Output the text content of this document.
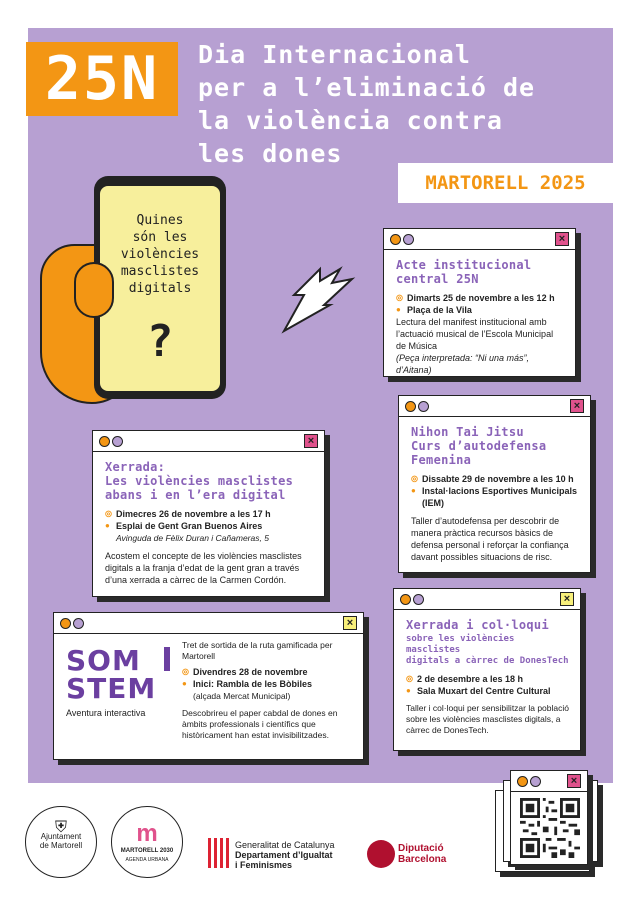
25N	Dia Internacional
per a l’eliminació de
la violència contra
les dones
MARTORELL 2025
Quines
són les
violències
masclistes
digitals
?
×
Acte institucional
central 25N
◎ Dimarts 25 de novembre a les 12 h
● Plaça de la Vila
Lectura del manifest institucional amb l’actuació musical de l’Escola Municipal de Música
(Peça interpretada: “Ni una más”, d’Aitana)
×
Nihon Tai Jitsu
Curs d’autodefensa
Femenina
◎ Dissabte 29 de novembre a les 10 h
● Instal·lacions Esportives Municipals (IEM)
Taller d’autodefensa per descobrir de manera pràctica recursos bàsics de defensa personal i reforçar la confiança davant possibles situacions de risc.
×
Xerrada:
Les violències masclistes
abans i en l’era digital
◎ Dimecres 26 de novembre a les 17 h
● Esplai de Gent Gran Buenos Aires
Avinguda de Fèlix Duran i Cañameras, 5
Acostem el concepte de les violències masclistes digitals a la franja d’edat de la gent gran a través d’una xerrada a càrrec de la Carmen Cordón.
×
SOM
STEM
Aventura interactiva
Tret de sortida de la ruta gamificada per Martorell
◎ Divendres 28 de novembre
● Inici: Rambla de les Bòbiles
(alçada Mercat Municipal)
Descobrireu el paper cabdal de dones en àmbits professionals i científics que històricament han estat invisibilitzades.
×
Xerrada i col·loqui
sobre les violències masclistes
digitals a càrrec de DonesTech
◎ 2 de desembre a les 18 h
● Sala Muxart del Centre Cultural
Taller i col·loqui per sensibilitzar la població sobre les violències masclistes digitals, a càrrec de DonesTech.
×
⛨
Ajuntament
de Martorell	m
MARTORELL 2030
AGENDA URBANA
Generalitat de Catalunya
Departament d’Igualtat
i Feminismes
Diputació
Barcelona
